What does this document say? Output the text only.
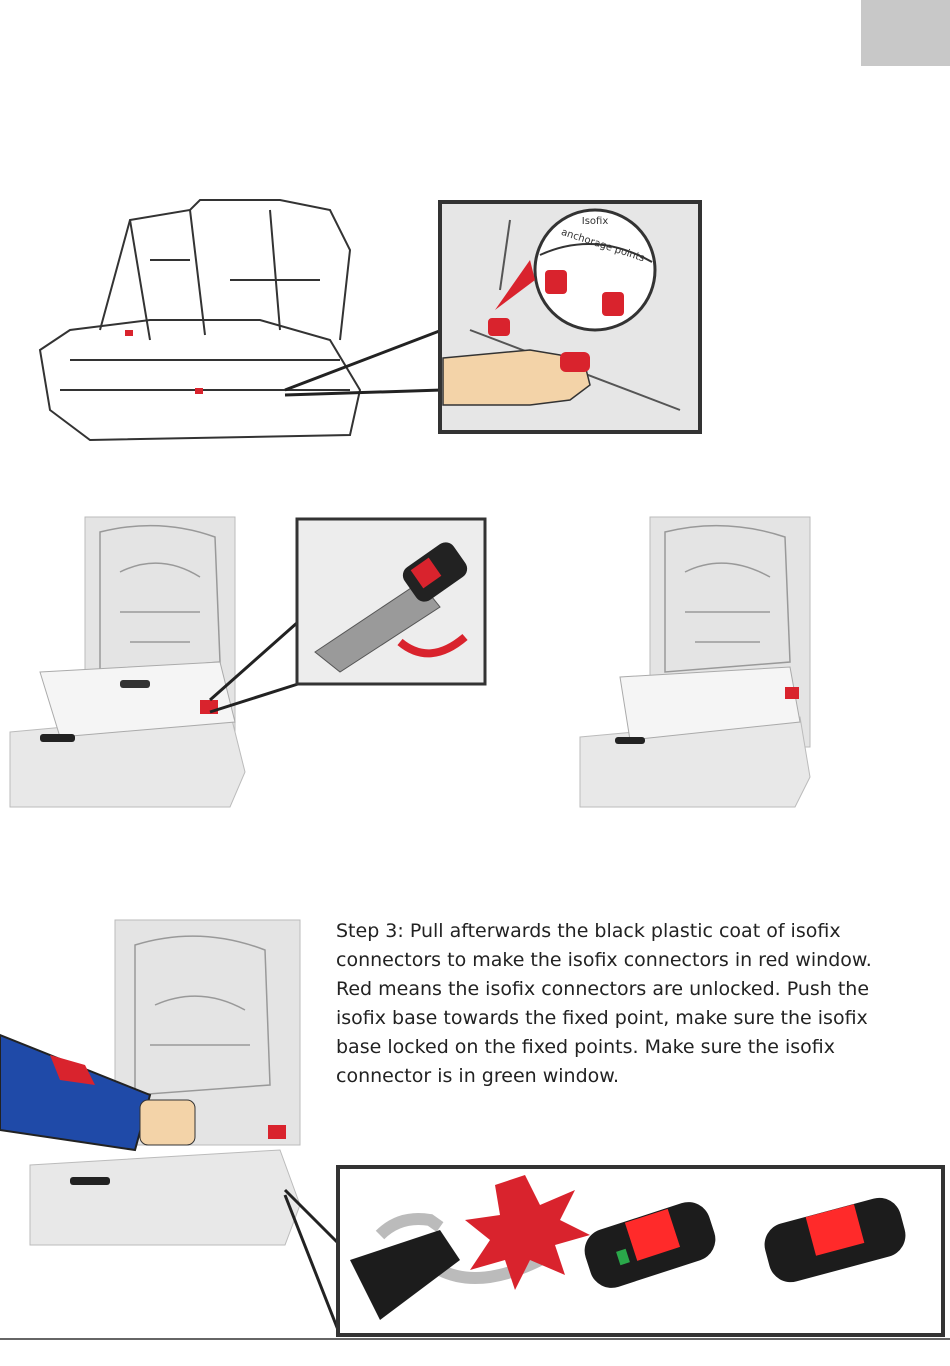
Isofix
anchorage points
Step 3: Pull afterwards the black plastic coat of isofix connectors to make the isofix connectors in red window. Red means the isofix connectors are unlocked. Push the isofix base towards the fixed point, make sure the isofix base locked on the fixed points. Make sure the isofix connector is in green window.
